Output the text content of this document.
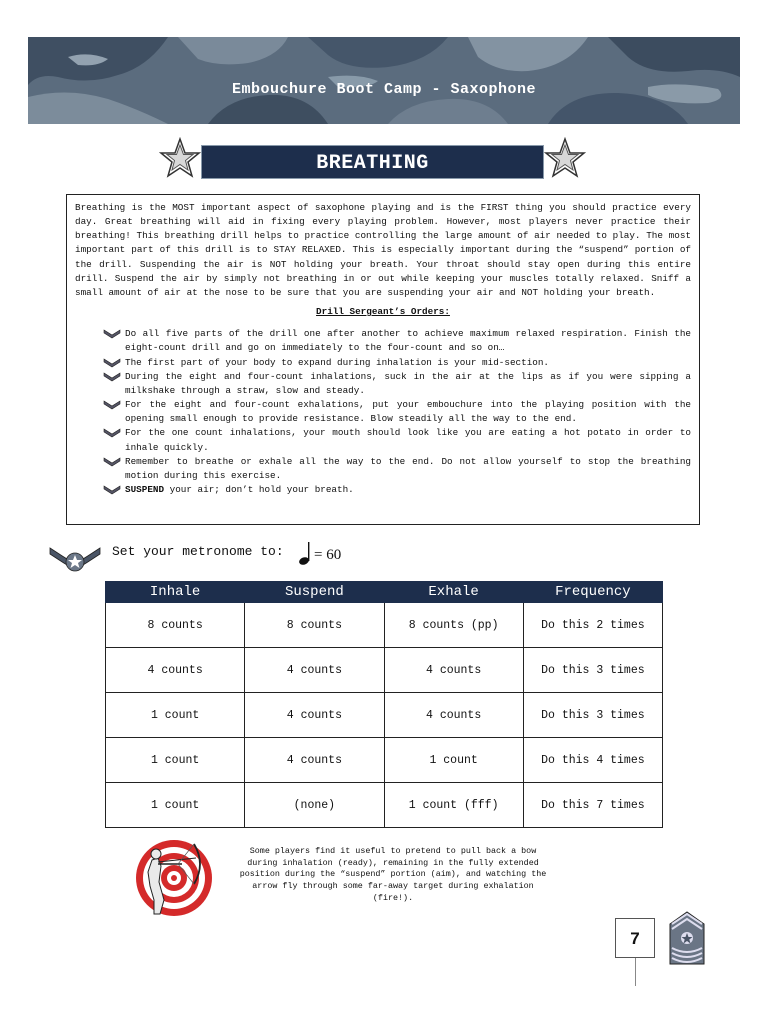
Embouchure Boot Camp - Saxophone
BREATHING

Breathing is the MOST important aspect of saxophone playing and is the FIRST thing you should practice every day. Great breathing will aid in fixing every playing problem. However, most players never practice their breathing! This breathing drill helps to practice controlling the large amount of air needed to play. The most important part of this drill is to STAY RELAXED. This is especially important during the “suspend” portion of the drill. Suspending the air is NOT holding your breath. Your throat should stay open during this entire drill. Suspend the air by simply not breathing in or out while keeping your muscles totally relaxed. Sniff a small amount of air at the nose to be sure that you are suspending your air and NOT holding your breath.

Drill Sergeant’s Orders:
Do all five parts of the drill one after another to achieve maximum relaxed respiration. Finish the eight-count drill and go on immediately to the four-count and so on…
The first part of your body to expand during inhalation is your mid-section.
During the eight and four-count inhalations, suck in the air at the lips as if you were sipping a milkshake through a straw, slow and steady.
For the eight and four-count exhalations, put your embouchure into the playing position with the opening small enough to provide resistance. Blow steadily all the way to the end.
For the one count inhalations, your mouth should look like you are eating a hot potato in order to inhale quickly.
Remember to breathe or exhale all the way to the end. Do not allow yourself to stop the breathing motion during this exercise.
SUSPEND your air; don’t hold your breath.
Set your metronome to: = 60
Inhale	Suspend	Exhale	Frequency
8 counts	8 counts	8 counts (pp)	Do this 2 times
4 counts	4 counts	4 counts	Do this 3 times
1 count	4 counts	4 counts	Do this 3 times
1 count	4 counts	1 count	Do this 4 times
1 count	(none)	1 count (fff)	Do this 7 times
Some players find it useful to pretend to pull back a bow during inhalation (ready), remaining in the fully extended position during the “suspend” portion (aim), and watching the arrow fly through some far-away target during exhalation (fire!).
7
